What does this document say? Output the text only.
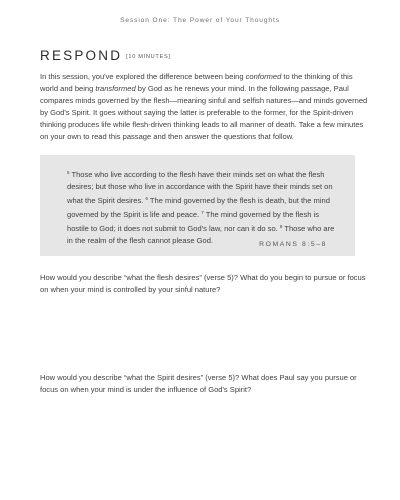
Session One: The Power of Your Thoughts
RESPOND [10 MINUTES]

In this session, you've explored the difference between being conformed to the thinking of this world and being transformed by God as he renews your mind. In the following passage, Paul compares minds governed by the flesh—meaning sinful and selfish natures—and minds governed by God's Spirit. It goes without saying the latter is preferable to the former, for the Spirit-driven thinking produces life while flesh-driven thinking leads to all manner of death. Take a few minutes on your own to read this passage and then answer the questions that follow.

$^5$ Those who live according to the flesh have their minds set on what the flesh desires; but those who live in accordance with the Spirit have their minds set on what the Spirit desires. $^6$ The mind governed by the flesh is death, but the mind governed by the Spirit is life and peace. $^7$ The mind governed by the flesh is hostile to God; it does not submit to God's law, nor can it do so. $^8$ Those who are in the realm of the flesh cannot please God.	ROMANS 8:5–8

How would you describe “what the flesh desires” (verse 5)? What do you begin to pursue or focus on when your mind is controlled by your sinful nature?

How would you describe “what the Spirit desires” (verse 5)? What does Paul say you pursue or focus on when your mind is under the influence of God's Spirit?
